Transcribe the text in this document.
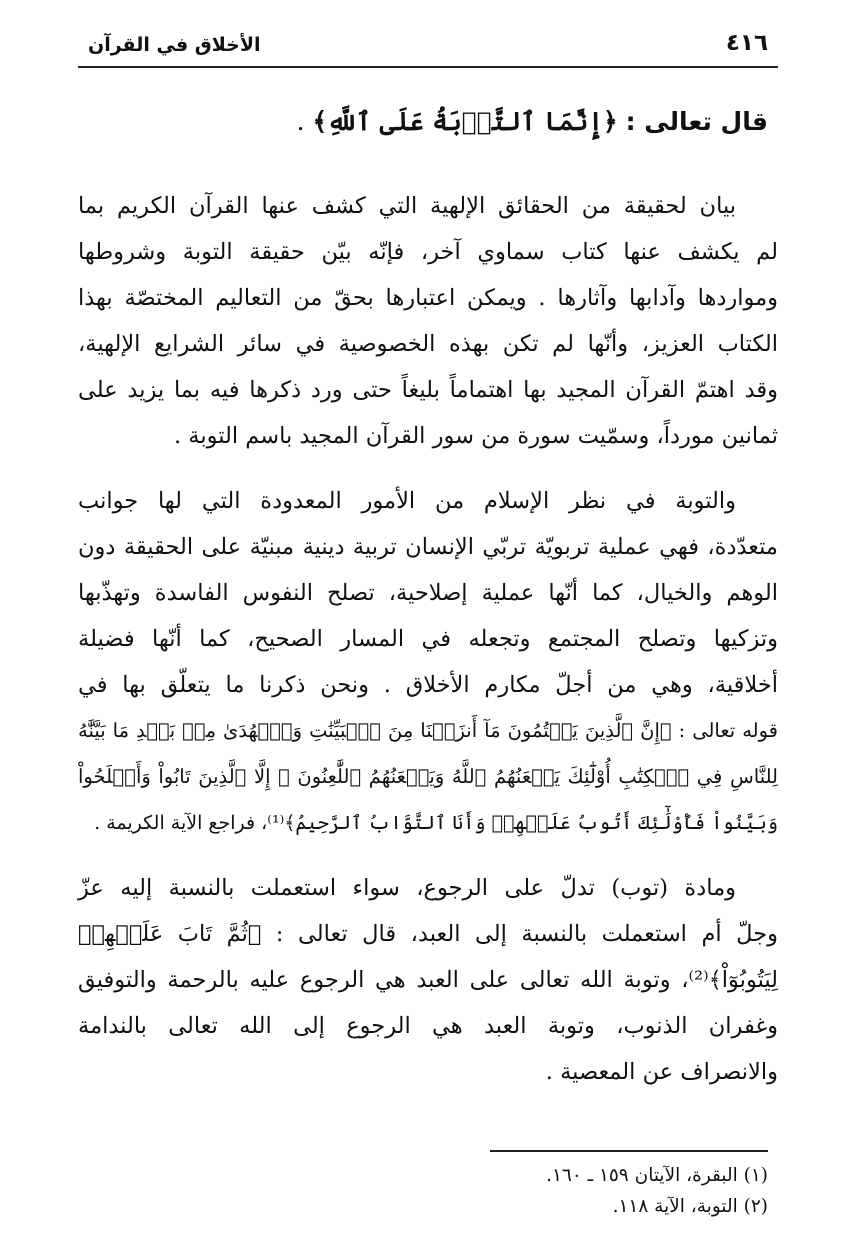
٤١٦
الأخلاق في القرآن
قال تعالى : ﴿إِنَّمَا ٱلتَّوۡبَةُ عَلَى ٱللَّهِ﴾ .
بيان لحقيقة من الحقائق الإلهية التي كشف عنها القرآن الكريم بما
لم يكشف عنها كتاب سماوي آخر، فإنّه بيّن حقيقة التوبة وشروطها
ومواردها وآدابها وآثارها . ويمكن اعتبارها بحقّ من التعاليم المختصّة بهذا
الكتاب العزيز، وأنّها لم تكن بهذه الخصوصية في سائر الشرايع الإلهية،
وقد اهتمّ القرآن المجيد بها اهتماماً بليغاً حتى ورد ذكرها فيه بما يزيد على
ثمانين مورداً، وسمّيت سورة من سور القرآن المجيد باسم التوبة .
والتوبة في نظر الإسلام من الأمور المعدودة التي لها جوانب
متعدّدة، فهي عملية تربويّة تربّي الإنسان تربية دينية مبنيّة على الحقيقة دون
الوهم والخيال، كما أنّها عملية إصلاحية، تصلح النفوس الفاسدة وتهذّبها
وتزكيها وتصلح المجتمع وتجعله في المسار الصحيح، كما أنّها فضيلة
أخلاقية، وهي من أجلّ مكارم الأخلاق . ونحن ذكرنا ما يتعلّق بها في
قوله تعالى : ﴿إِنَّ ٱلَّذِينَ يَكۡتُمُونَ مَآ أَنزَلۡنَا مِنَ ٱلۡبَيِّنَٰتِ وَٱلۡهُدَىٰ مِنۢ بَعۡدِ مَا بَيَّنَّٰهُ
لِلنَّاسِ فِي ٱلۡكِتَٰبِ أُوْلَٰٓئِكَ يَلۡعَنُهُمُ ٱللَّهُ وَيَلۡعَنُهُمُ ٱللَّٰعِنُونَ ۞ إِلَّا ٱلَّذِينَ تَابُواْ وَأَصۡلَحُواْ
وَبَيَّنُواْ فَأُوْلَٰٓئِكَ أَتُوبُ عَلَيۡهِمۡ وَأَنَا ٱلتَّوَّابُ ٱلرَّحِيمُ﴾⁽¹⁾، فراجع الآية الكريمة .
ومادة (توب) تدلّ على الرجوع، سواء استعملت بالنسبة إليه عزّ
وجلّ أم استعملت بالنسبة إلى العبد، قال تعالى : ﴿ثُمَّ تَابَ عَلَيۡهِمۡ
لِيَتُوبُوٓاْ﴾⁽²⁾، وتوبة الله تعالى على العبد هي الرجوع عليه بالرحمة والتوفيق
وغفران الذنوب، وتوبة العبد هي الرجوع إلى الله تعالى بالندامة
والانصراف عن المعصية .
(١) البقرة، الآيتان ١٥٩ ـ ١٦٠.
(٢) التوبة، الآية ١١٨.
